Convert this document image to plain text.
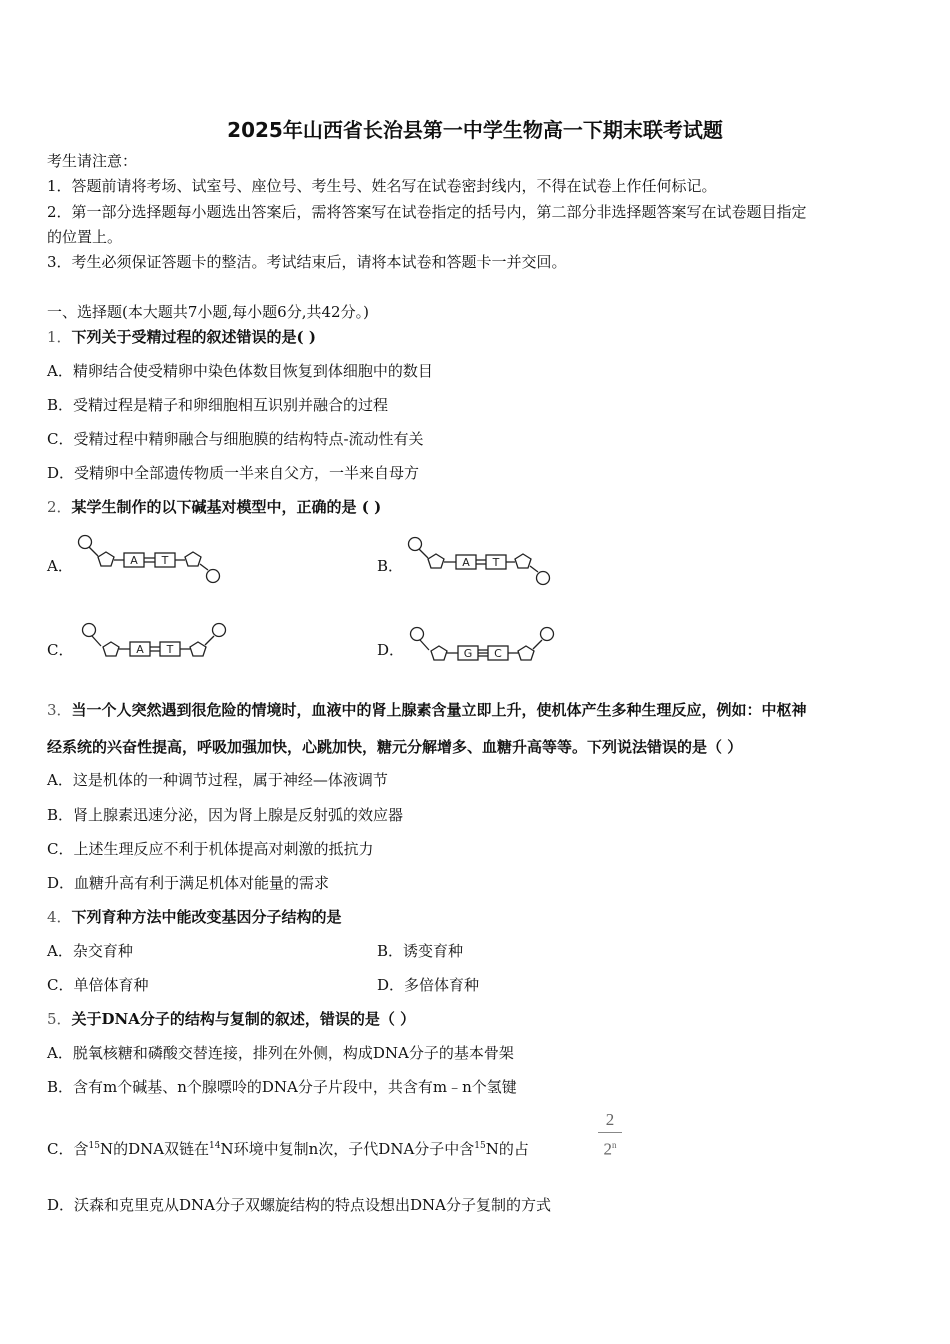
2025年山西省长治县第一中学生物高一下期末联考试题
考生请注意：
1．答题前请将考场、试室号、座位号、考生号、姓名写在试卷密封线内，不得在试卷上作任何标记。
2．第一部分选择题每小题选出答案后，需将答案写在试卷指定的括号内，第二部分非选择题答案写在试卷题目指定
的位置上。
3．考生必须保证答题卡的整洁。考试结束后，请将本试卷和答题卡一并交回。
一、选择题(本大题共7小题,每小题6分,共42分。)
1．下列关于受精过程的叙述错误的是( )
A．精卵结合使受精卵中染色体数目恢复到体细胞中的数目
B．受精过程是精子和卵细胞相互识别并融合的过程
C．受精过程中精卵融合与细胞膜的结构特点-流动性有关
D．受精卵中全部遗传物质一半来自父方，一半来自母方
2．某学生制作的以下碱基对模型中，正确的是 ( )
A．	B．
C．	D．
A T	A T
A T	G C
3．当一个人突然遇到很危险的情境时，血液中的肾上腺素含量立即上升，使机体产生多种生理反应，例如：中枢神
经系统的兴奋性提高，呼吸加强加快，心跳加快，糖元分解增多、血糖升高等等。下列说法错误的是（ ）
A．这是机体的一种调节过程，属于神经—体液调节
B．肾上腺素迅速分泌，因为肾上腺是反射弧的效应器
C．上述生理反应不利于机体提高对刺激的抵抗力
D．血糖升高有利于满足机体对能量的需求
4．下列育种方法中能改变基因分子结构的是
A．杂交育种	B．诱变育种
C．单倍体育种	D．多倍体育种
5．关于DNA分子的结构与复制的叙述，错误的是（ ）
A．脱氧核糖和磷酸交替连接，排列在外侧，构成DNA分子的基本骨架
B．含有m个碱基、n个腺嘌呤的DNA分子片段中，共含有m﹣n个氢键
C．含$^{15}$N的DNA双链在$^{14}$N环境中复制n次，子代DNA分子中含$^{15}$N的占
2
2$^n$
D．沃森和克里克从DNA分子双螺旋结构的特点设想出DNA分子复制的方式
